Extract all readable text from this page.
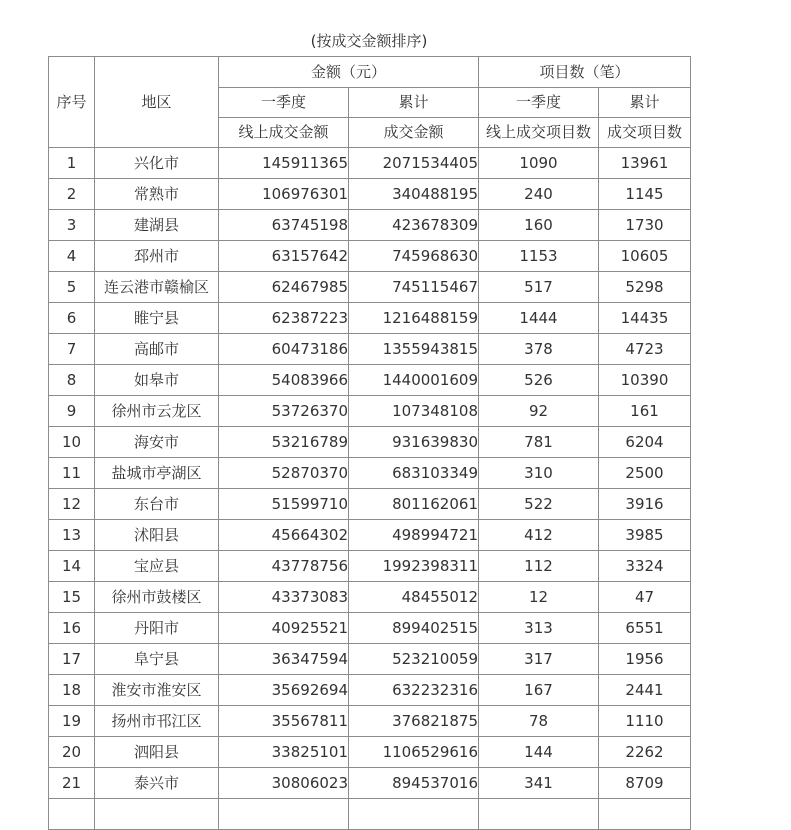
(按成交金额排序)
序号	地区	金额（元）		项目数（笔）	
		一季度	累计	一季度	累计
		线上成交金额	成交金额	线上成交项目数	成交项目数
1	兴化市	145911365	2071534405	1090	13961
2	常熟市	106976301	340488195	240	1145
3	建湖县	63745198	423678309	160	1730
4	邳州市	63157642	745968630	1153	10605
5	连云港市赣榆区	62467985	745115467	517	5298
6	睢宁县	62387223	1216488159	1444	14435
7	高邮市	60473186	1355943815	378	4723
8	如皋市	54083966	1440001609	526	10390
9	徐州市云龙区	53726370	107348108	92	161
10	海安市	53216789	931639830	781	6204
11	盐城市亭湖区	52870370	683103349	310	2500
12	东台市	51599710	801162061	522	3916
13	沭阳县	45664302	498994721	412	3985
14	宝应县	43778756	1992398311	112	3324
15	徐州市鼓楼区	43373083	48455012	12	47
16	丹阳市	40925521	899402515	313	6551
17	阜宁县	36347594	523210059	317	1956
18	淮安市淮安区	35692694	632232316	167	2441
19	扬州市邗江区	35567811	376821875	78	1110
20	泗阳县	33825101	1106529616	144	2262
21	泰兴市	30806023	894537016	341	8709
